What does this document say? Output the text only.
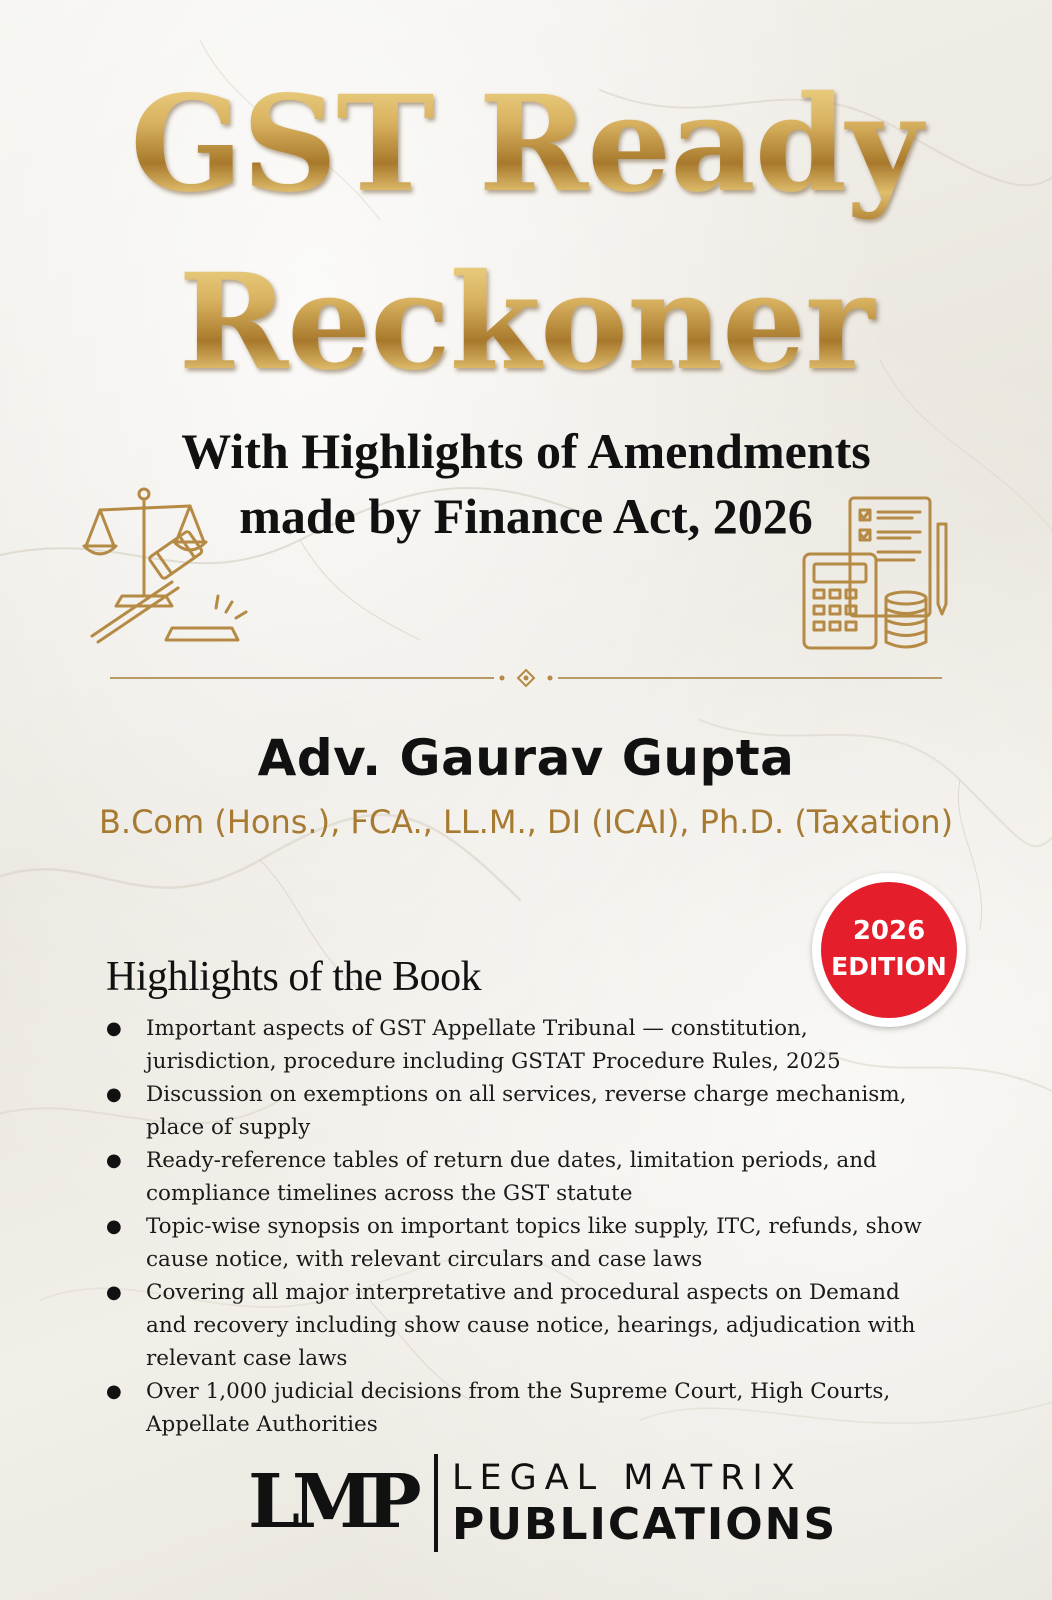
GST Ready
Reckoner
With Highlights of Amendments
made by Finance Act, 2026
Adv. Gaurav Gupta
B.Com (Hons.), FCA., LL.M., DI (ICAI), Ph.D. (Taxation)
2026
EDITION
Highlights of the Book
●	Important aspects of GST Appellate Tribunal — constitution,
jurisdiction, procedure including GSTAT Procedure Rules, 2025
●	Discussion on exemptions on all services, reverse charge mechanism,
place of supply
●	Ready-reference tables of return due dates, limitation periods, and
compliance timelines across the GST statute
●	Topic-wise synopsis on important topics like supply, ITC, refunds, show
cause notice, with relevant circulars and case laws
●	Covering all major interpretative and procedural aspects on Demand
and recovery including show cause notice, hearings, adjudication with
relevant case laws
●	Over 1,000 judicial decisions from the Supreme Court, High Courts,
Appellate Authorities
LMP LEGAL MATRIX
PUBLICATIONS
